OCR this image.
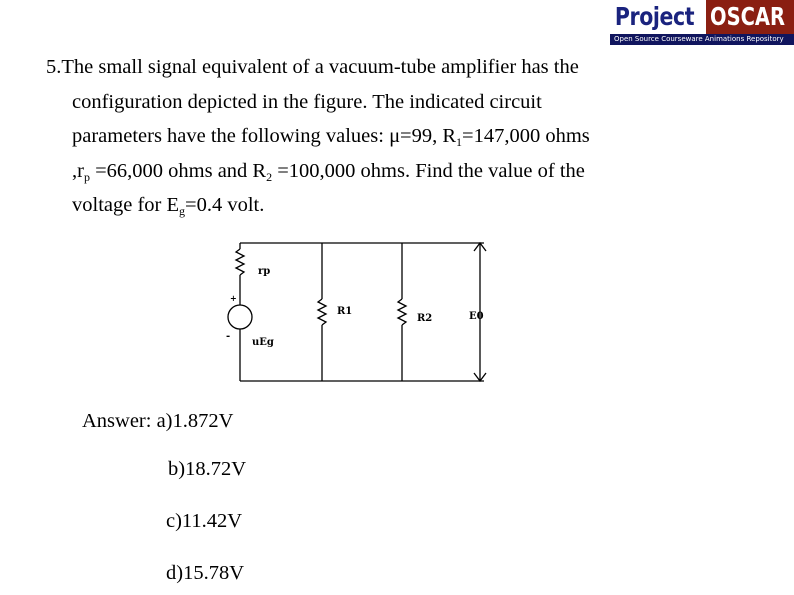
Project OSCAR
Open Source Courseware Animations Repository
5.The small signal equivalent of a vacuum-tube amplifier has the
configuration depicted in the figure. The indicated circuit
parameters have the following values: μ=99, $R_1=147,000$ ohms
$,r_p =66,000$ ohms and $R_2 =100,000$ ohms. Find the value of the
voltage for $E_g=0.4$ volt.
rp
+
-
uEg
R1
R2	E0
Answer: a)1.872V
b)18.72V
c)11.42V
d)15.78V
